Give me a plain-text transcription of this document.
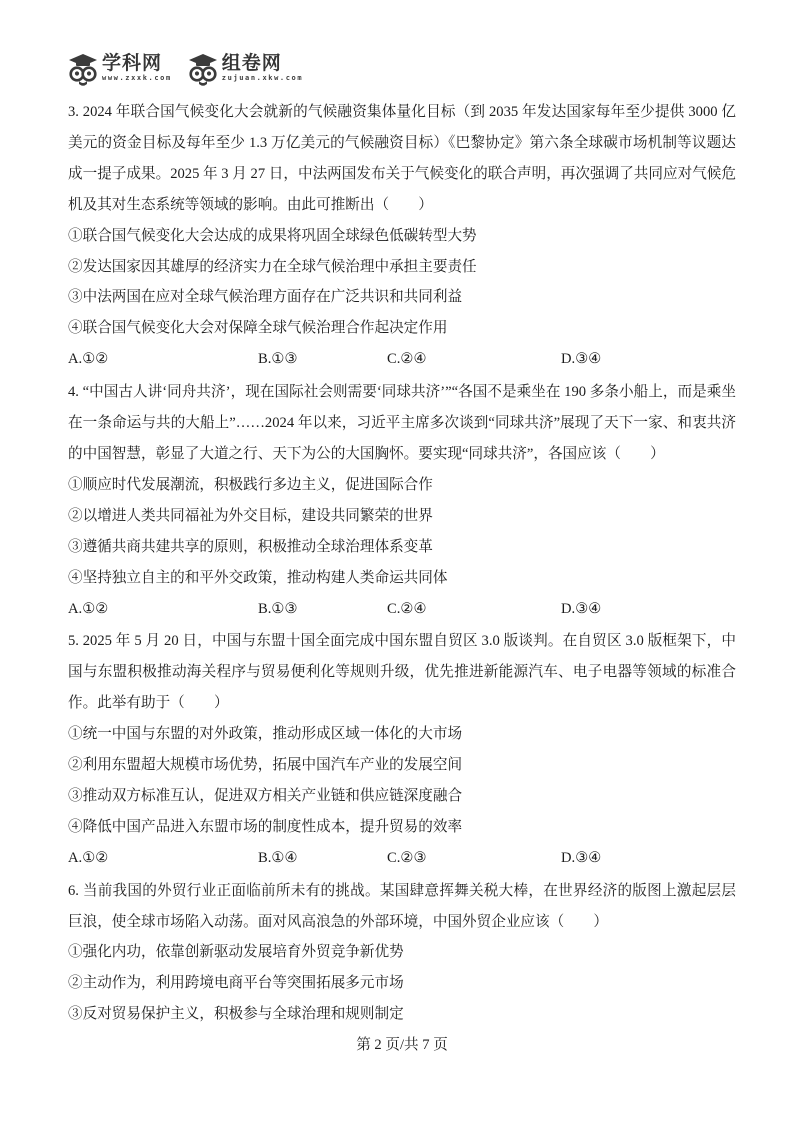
学科网
www.zxxk.com
组卷网
zujuan.xkw.com

3. 2024 年联合国气候变化大会就新的气候融资集体量化目标（到 2035 年发达国家每年至少提供 3000 亿美元的资金目标及每年至少 1.3 万亿美元的气候融资目标）《巴黎协定》第六条全球碳市场机制等议题达成一提子成果。2025 年 3 月 27 日，中法两国发布关于气候变化的联合声明，再次强调了共同应对气候危机及其对生态系统等领域的影响。由此可推断出（　　）

①联合国气候变化大会达成的成果将巩固全球绿色低碳转型大势

②发达国家因其雄厚的经济实力在全球气候治理中承担主要责任

③中法两国在应对全球气候治理方面存在广泛共识和共同利益

④联合国气候变化大会对保障全球气候治理合作起决定作用

A.①②	B.①③	C.②④	D.③④

4. “中国古人讲‘同舟共济’，现在国际社会则需要‘同球共济’”“各国不是乘坐在 190 多条小船上，而是乘坐在一条命运与共的大船上”……2024 年以来，习近平主席多次谈到“同球共济”展现了天下一家、和衷共济的中国智慧，彰显了大道之行、天下为公的大国胸怀。要实现“同球共济”，各国应该（　　）

①顺应时代发展潮流，积极践行多边主义，促进国际合作

②以增进人类共同福祉为外交目标，建设共同繁荣的世界

③遵循共商共建共享的原则，积极推动全球治理体系变革

④坚持独立自主的和平外交政策，推动构建人类命运共同体

A.①②	B.①③	C.②④	D.③④

5. 2025 年 5 月 20 日，中国与东盟十国全面完成中国东盟自贸区 3.0 版谈判。在自贸区 3.0 版框架下，中国与东盟积极推动海关程序与贸易便利化等规则升级，优先推进新能源汽车、电子电器等领域的标准合作。此举有助于（　　）

①统一中国与东盟的对外政策，推动形成区域一体化的大市场

②利用东盟超大规模市场优势，拓展中国汽车产业的发展空间

③推动双方标准互认，促进双方相关产业链和供应链深度融合

④降低中国产品进入东盟市场的制度性成本，提升贸易的效率

A.①②	B.①④	C.②③	D.③④

6. 当前我国的外贸行业正面临前所未有的挑战。某国肆意挥舞关税大棒，在世界经济的版图上激起层层巨浪，使全球市场陷入动荡。面对风高浪急的外部环境，中国外贸企业应该（　　）

①强化内功，依靠创新驱动发展培育外贸竞争新优势

②主动作为，利用跨境电商平台等突围拓展多元市场

③反对贸易保护主义，积极参与全球治理和规则制定

第 2 页/共 7 页
